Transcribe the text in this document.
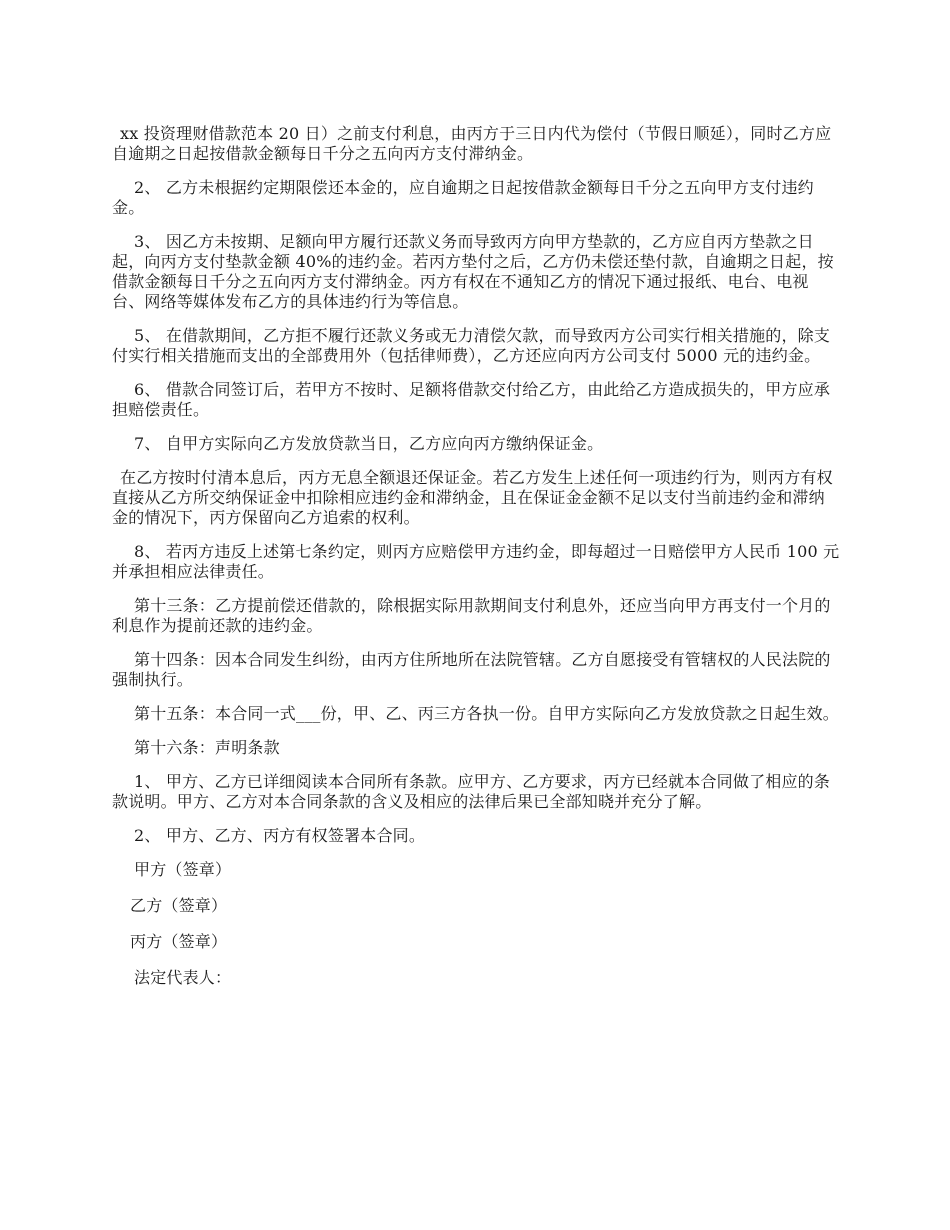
xx 投资理财借款范本 20 日）之前支付利息，由丙方于三日内代为偿付（节假日顺延），同时乙方应自逾期之日起按借款金额每日千分之五向丙方支付滞纳金。

2、 乙方未根据约定期限偿还本金的，应自逾期之日起按借款金额每日千分之五向甲方支付违约金。

3、 因乙方未按期、足额向甲方履行还款义务而导致丙方向甲方垫款的，乙方应自丙方垫款之日起，向丙方支付垫款金额 40%的违约金。若丙方垫付之后，乙方仍未偿还垫付款，自逾期之日起，按借款金额每日千分之五向丙方支付滞纳金。丙方有权在不通知乙方的情况下通过报纸、电台、电视台、网络等媒体发布乙方的具体违约行为等信息。

5、 在借款期间，乙方拒不履行还款义务或无力清偿欠款，而导致丙方公司实行相关措施的，除支付实行相关措施而支出的全部费用外（包括律师费），乙方还应向丙方公司支付 5000 元的违约金。

6、 借款合同签订后，若甲方不按时、足额将借款交付给乙方，由此给乙方造成损失的，甲方应承担赔偿责任。

7、 自甲方实际向乙方发放贷款当日，乙方应向丙方缴纳保证金。

在乙方按时付清本息后，丙方无息全额退还保证金。若乙方发生上述任何一项违约行为，则丙方有权直接从乙方所交纳保证金中扣除相应违约金和滞纳金，且在保证金金额不足以支付当前违约金和滞纳金的情况下，丙方保留向乙方追索的权利。

8、 若丙方违反上述第七条约定，则丙方应赔偿甲方违约金，即每超过一日赔偿甲方人民币 100 元并承担相应法律责任。

第十三条：乙方提前偿还借款的，除根据实际用款期间支付利息外，还应当向甲方再支付一个月的利息作为提前还款的违约金。

第十四条：因本合同发生纠纷，由丙方住所地所在法院管辖。乙方自愿接受有管辖权的人民法院的强制执行。

第十五条：本合同一式___份，甲、乙、丙三方各执一份。自甲方实际向乙方发放贷款之日起生效。

第十六条：声明条款

1、 甲方、乙方已详细阅读本合同所有条款。应甲方、乙方要求，丙方已经就本合同做了相应的条款说明。甲方、乙方对本合同条款的含义及相应的法律后果已全部知晓并充分了解。

2、 甲方、乙方、丙方有权签署本合同。

甲方（签章）

乙方（签章）

丙方（签章）

法定代表人：
